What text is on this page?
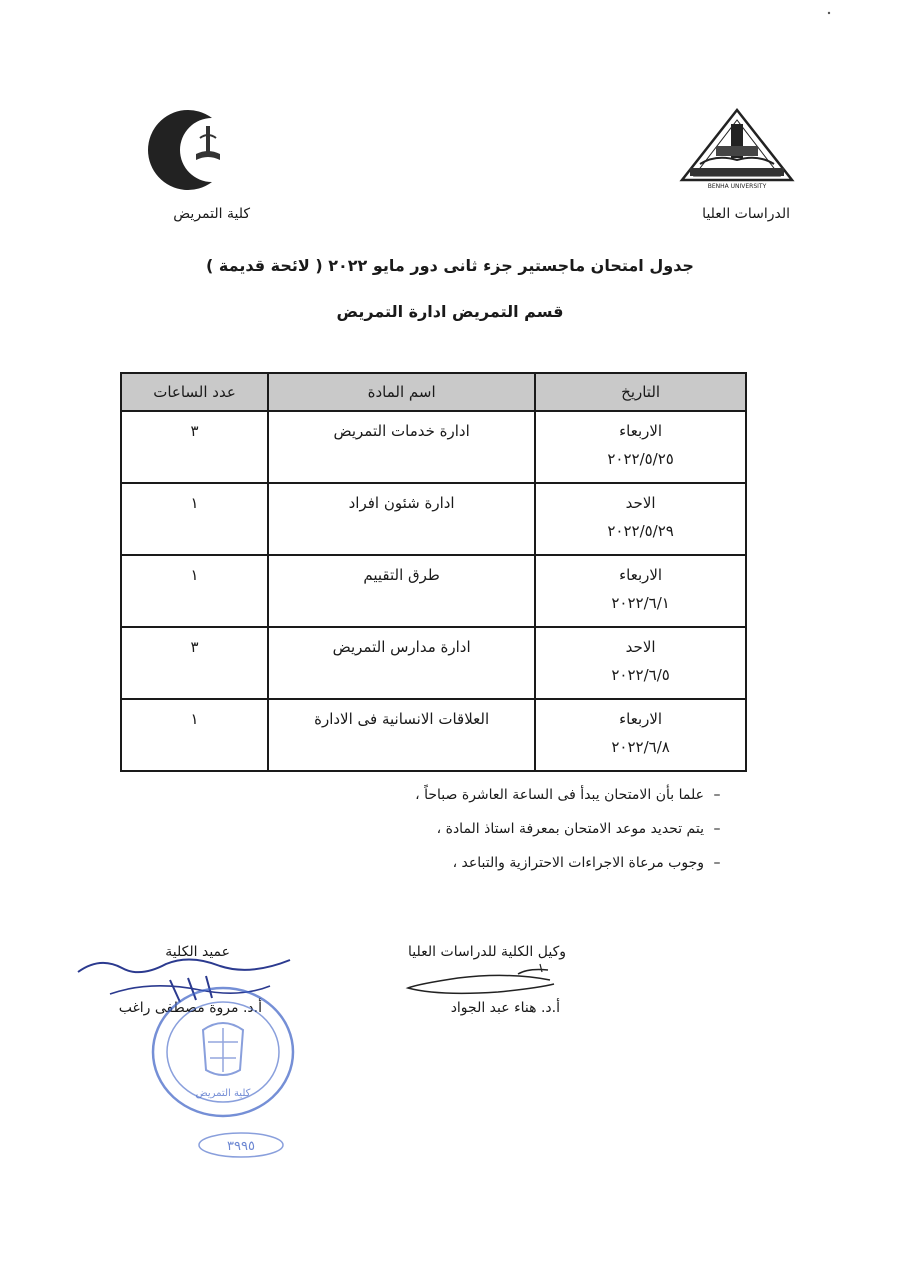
BENHA UNIVERSITY
الدراسات العليا
كلية التمريض
جدول امتحان ماجستير جزء ثانى دور مايو ٢٠٢٢ ( لائحة قديمة )
قسم التمريض ادارة التمريض
التاريخ	اسم المادة	عدد الساعات

الاربعاء
٢٠٢٢/٥/٢٥	ادارة خدمات التمريض	٣

الاحد
٢٠٢٢/٥/٢٩	ادارة شئون افراد	١

الاربعاء
٢٠٢٢/٦/١	طرق التقييم	١

الاحد
٢٠٢٢/٦/٥	ادارة مدارس التمريض	٣

الاربعاء
٢٠٢٢/٦/٨	العلاقات الانسانية فى الادارة	١
–
علما بأن الامتحان يبدأ فى الساعة العاشرة صباحاً ،
–
يتم تحديد موعد الامتحان بمعرفة استاذ المادة ،
–
وجوب مرعاة الاجراءات الاحترازية والتباعد ،
وكيل الكلية للدراسات العليا
أ.د. هناء عبد الجواد
عميد الكلية
أ.د. مروة مصطفى راغب
كلية التمريض
٣٩٩٥
